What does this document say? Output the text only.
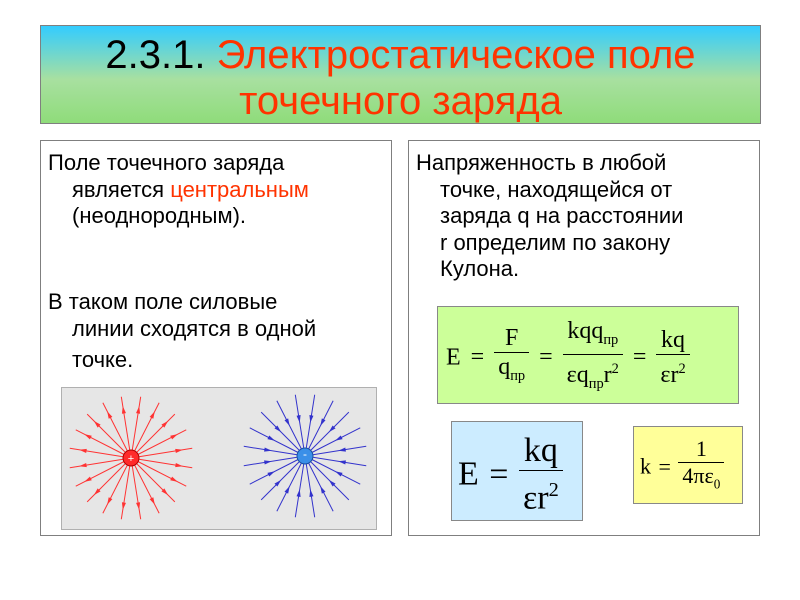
2.3.1. Электростатическое поле
точечного заряда
Поле точечного заряда
является центральным
(неоднородным).
В таком поле силовые
линии сходятся в одной
точке.
+	-
Напряженность в любой
точке, находящейся от
заряда q на расстоянии
r определим по закону
Кулона.
$E = \frac{F}{q_{пр}} = \frac{kqq_{пр}}{\varepsilon q_{пр}r^2} = \frac{kq}{\varepsilon r^2}$
$E = \frac{kq}{\varepsilon r^2}$	$k = \frac{1}{4\pi\varepsilon_0}$
